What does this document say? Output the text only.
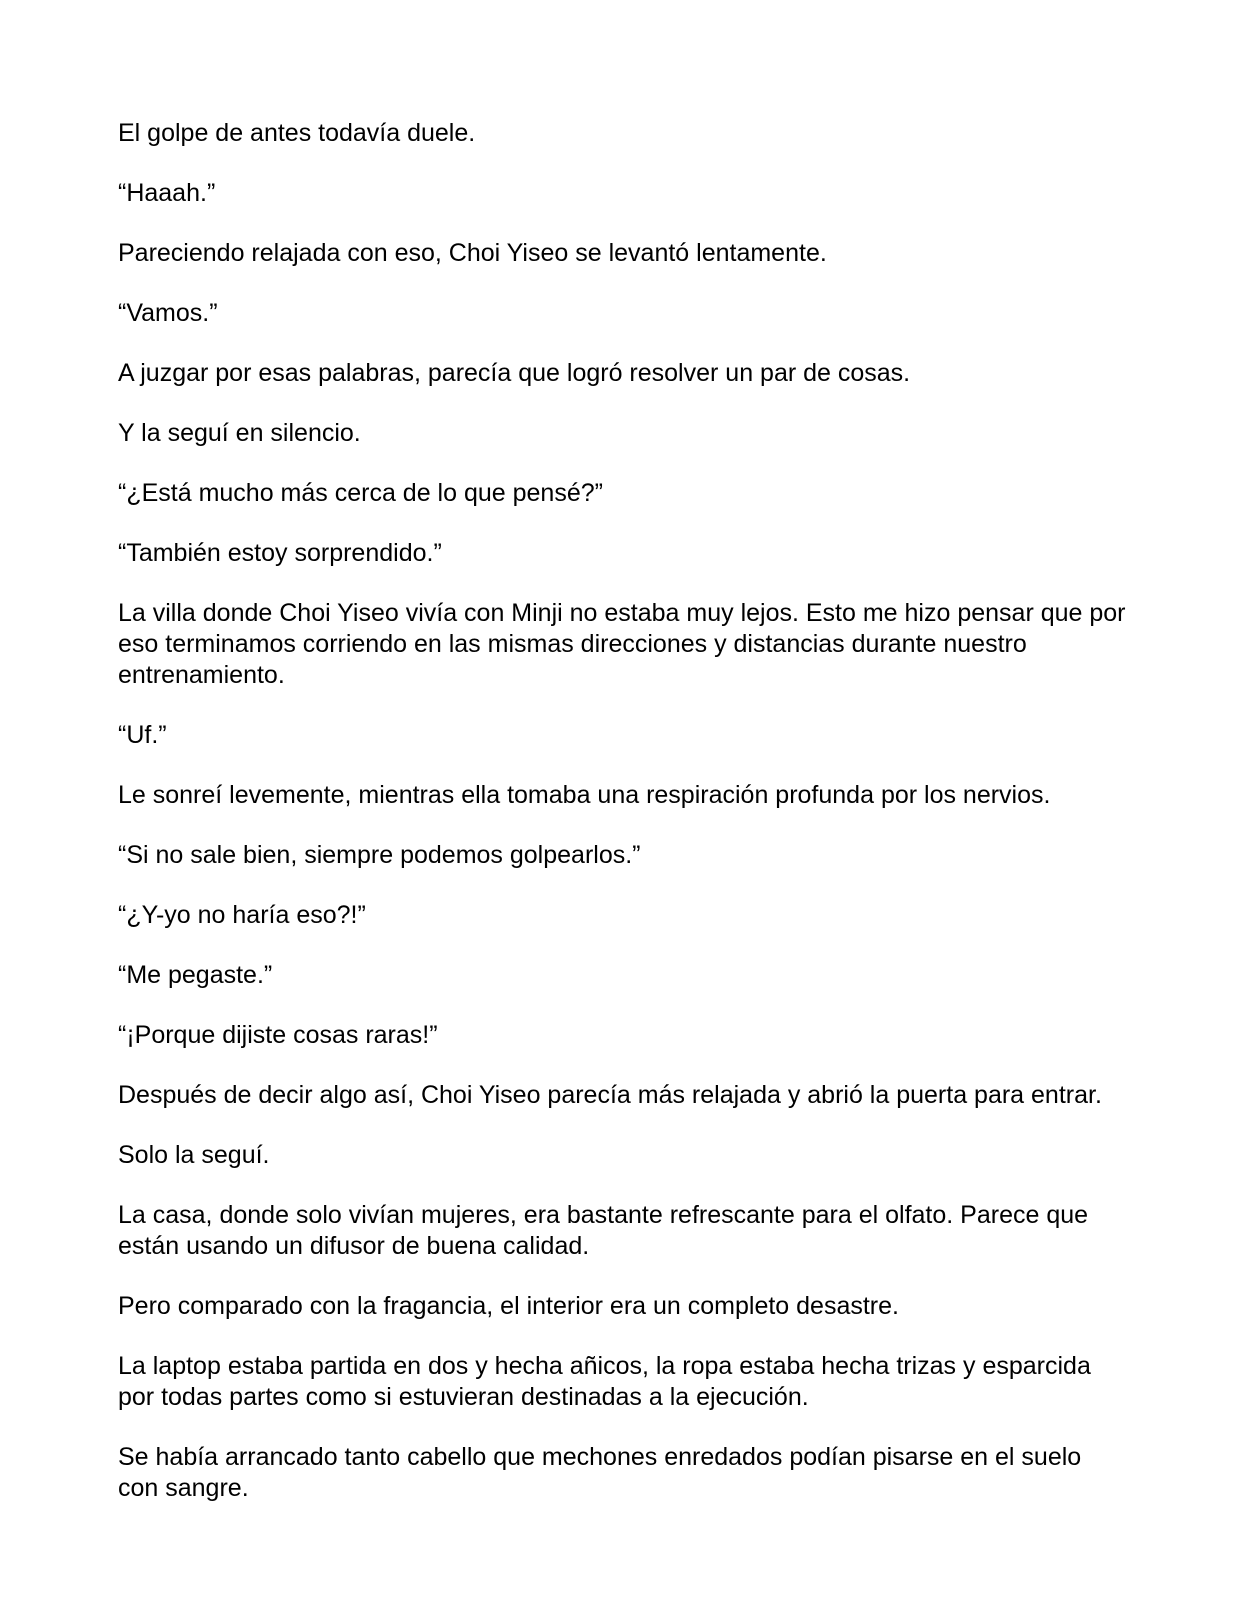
El golpe de antes todavía duele.

“Haaah.”

Pareciendo relajada con eso, Choi Yiseo se levantó lentamente.

“Vamos.”

A juzgar por esas palabras, parecía que logró resolver un par de cosas.

Y la seguí en silencio.

“¿Está mucho más cerca de lo que pensé?”

“También estoy sorprendido.”

La villa donde Choi Yiseo vivía con Minji no estaba muy lejos. Esto me hizo pensar que por eso terminamos corriendo en las mismas direcciones y distancias durante nuestro entrenamiento.

“Uf.”

Le sonreí levemente, mientras ella tomaba una respiración profunda por los nervios.

“Si no sale bien, siempre podemos golpearlos.”

“¿Y-yo no haría eso?!”

“Me pegaste.”

“¡Porque dijiste cosas raras!”

Después de decir algo así, Choi Yiseo parecía más relajada y abrió la puerta para entrar.

Solo la seguí.

La casa, donde solo vivían mujeres, era bastante refrescante para el olfato. Parece que están usando un difusor de buena calidad.

Pero comparado con la fragancia, el interior era un completo desastre.

La laptop estaba partida en dos y hecha añicos, la ropa estaba hecha trizas y esparcida por todas partes como si estuvieran destinadas a la ejecución.

Se había arrancado tanto cabello que mechones enredados podían pisarse en el suelo con sangre.
